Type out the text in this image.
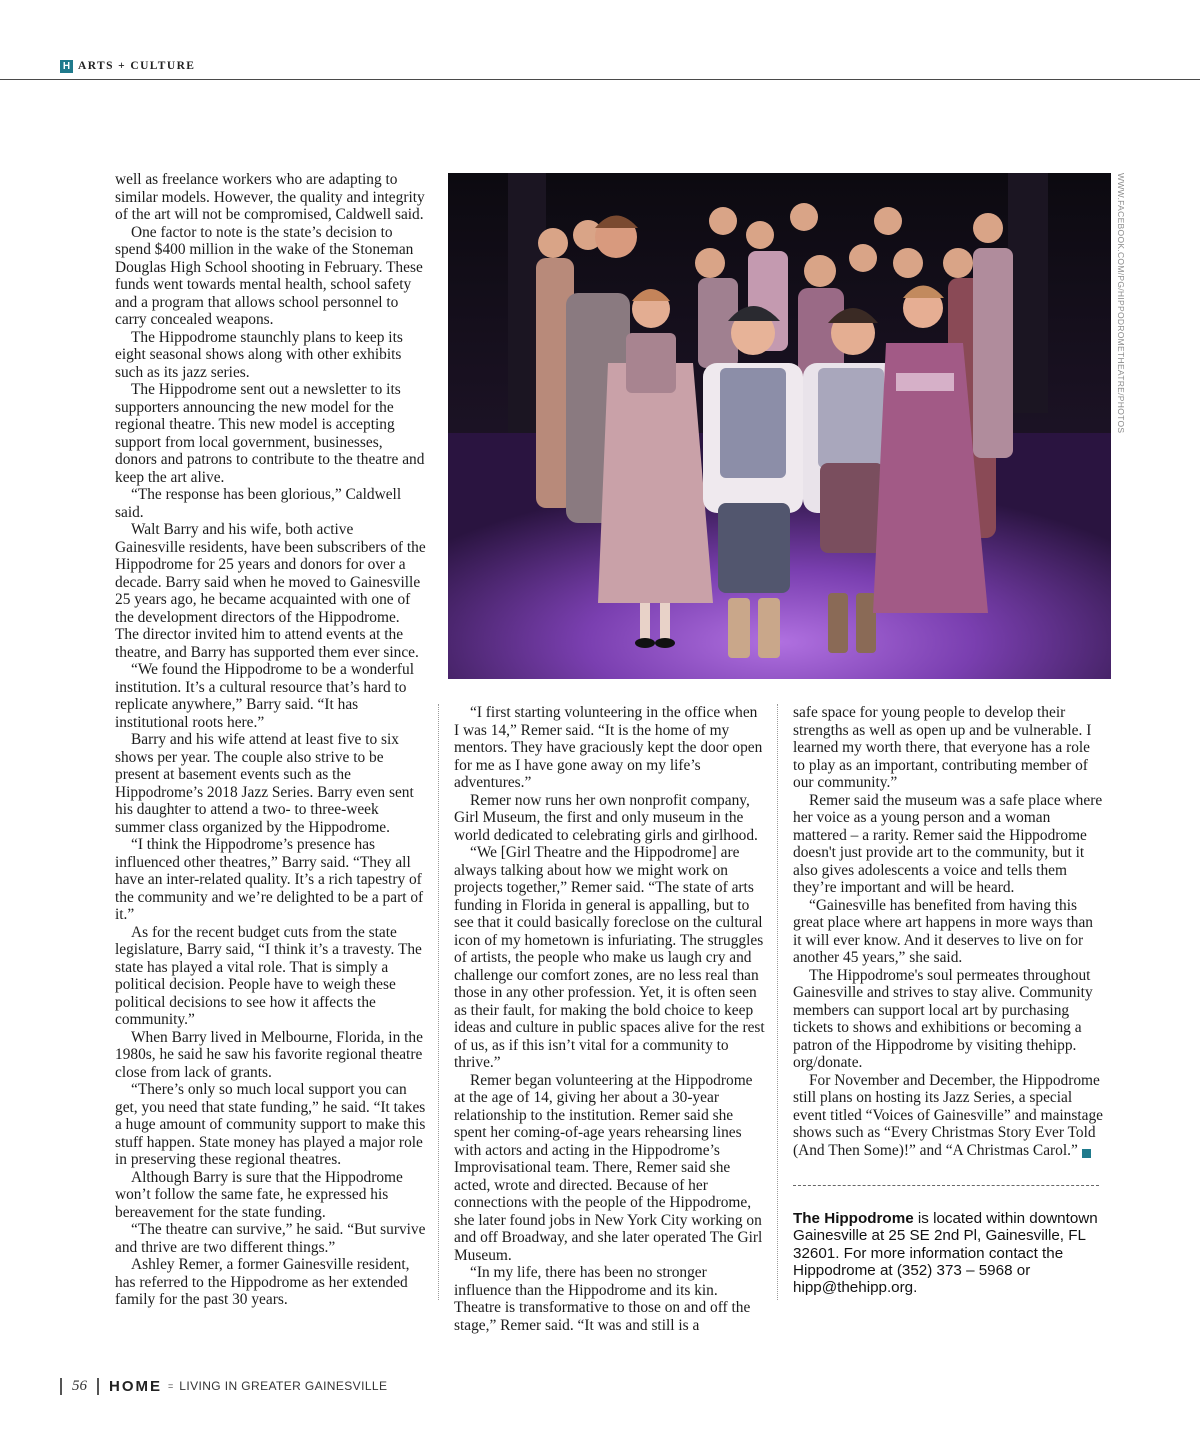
H ARTS + CULTURE

well as freelance workers who are adapting to similar models. However, the quality and integrity of the art will not be compromised, Caldwell said.

One factor to note is the state’s decision to spend $400 million in the wake of the Stoneman Douglas High School shooting in February. These funds went towards mental health, school safety and a program that allows school personnel to carry concealed weapons.

The Hippodrome staunchly plans to keep its eight seasonal shows along with other exhibits such as its jazz series.

The Hippodrome sent out a newsletter to its supporters announcing the new model for the regional theatre. This new model is accepting support from local government, businesses, donors and patrons to contribute to the theatre and keep the art alive.

“The response has been glorious,” Caldwell said.

Walt Barry and his wife, both active Gainesville residents, have been subscribers of the Hippodrome for 25 years and donors for over a decade. Barry said when he moved to Gainesville 25 years ago, he became acquainted with one of the development directors of the Hippodrome. The director invited him to attend events at the theatre, and Barry has supported them ever since.

“We found the Hippodrome to be a wonderful institution. It’s a cultural resource that’s hard to replicate anywhere,” Barry said. “It has institutional roots here.”

Barry and his wife attend at least five to six shows per year. The couple also strive to be present at basement events such as the Hippodrome’s 2018 Jazz Series. Barry even sent his daughter to attend a two- to three-week summer class organized by the Hippodrome.

“I think the Hippodrome’s presence has influenced other theatres,” Barry said. “They all have an inter-related quality. It’s a rich tapestry of the community and we’re delighted to be a part of it.”

As for the recent budget cuts from the state legislature, Barry said, “I think it’s a travesty. The state has played a vital role. That is simply a political decision. People have to weigh these political decisions to see how it affects the community.”

When Barry lived in Melbourne, Florida, in the 1980s, he said he saw his favorite regional theatre close from lack of grants.

“There’s only so much local support you can get, you need that state funding,” he said. “It takes a huge amount of community support to make this stuff happen. State money has played a major role in preserving these regional theatres.

Although Barry is sure that the Hippodrome won’t follow the same fate, he expressed his bereavement for the state funding.

“The theatre can survive,” he said. “But survive and thrive are two different things.”

Ashley Remer, a former Gainesville resident, has referred to the Hippodrome as her extended family for the past 30 years.

WWW.FACEBOOK.COM/PG/HIPPODROMETHEATRE/PHOTOS

“I first starting volunteering in the office when I was 14,” Remer said. “It is the home of my mentors. They have graciously kept the door open for me as I have gone away on my life’s adventures.”

Remer now runs her own nonprofit company, Girl Museum, the first and only museum in the world dedicated to celebrating girls and girlhood.

“We [Girl Theatre and the Hippodrome] are always talking about how we might work on projects together,” Remer said. “The state of arts funding in Florida in general is appalling, but to see that it could basically foreclose on the cultural icon of my hometown is infuriating. The struggles of artists, the people who make us laugh cry and challenge our comfort zones, are no less real than those in any other profession. Yet, it is often seen as their fault, for making the bold choice to keep ideas and culture in public spaces alive for the rest of us, as if this isn’t vital for a community to thrive.”

Remer began volunteering at the Hippodrome at the age of 14, giving her about a 30-year relationship to the institution. Remer said she spent her coming-of-age years rehearsing lines with actors and acting in the Hippodrome’s Improvisational team. There, Remer said she acted, wrote and directed. Because of her connections with the people of the Hippodrome, she later found jobs in New York City working on and off Broadway, and she later operated The Girl Museum.

“In my life, there has been no stronger influence than the Hippodrome and its kin. Theatre is transformative to those on and off the stage,” Remer said. “It was and still is a

safe space for young people to develop their strengths as well as open up and be vulnerable. I learned my worth there, that everyone has a role to play as an important, contributing member of our community.”

Remer said the museum was a safe place where her voice as a young person and a woman mattered – a rarity. Remer said the Hippodrome doesn't just provide art to the community, but it also gives adolescents a voice and tells them they’re important and will be heard.

“Gainesville has benefited from having this great place where art happens in more ways than it will ever know. And it deserves to live on for another 45 years,” she said.

The Hippodrome's soul permeates throughout Gainesville and strives to stay alive. Community members can support local art by purchasing tickets to shows and exhibitions or becoming a patron of the Hippodrome by visiting thehipp. org/donate.

For November and December, the Hippodrome still plans on hosting its Jazz Series, a special event titled “Voices of Gainesville” and mainstage shows such as “Every Christmas Story Ever Told (And Then Some)!” and “A Christmas Carol.”	H

The Hippodrome is located within downtown Gainesville at 25 SE 2nd Pl, Gainesville, FL 32601. For more information contact the Hippodrome at (352) 373 – 5968 or hipp@thehipp.org.
56 HOME = LIVING IN GREATER GAINESVILLE
